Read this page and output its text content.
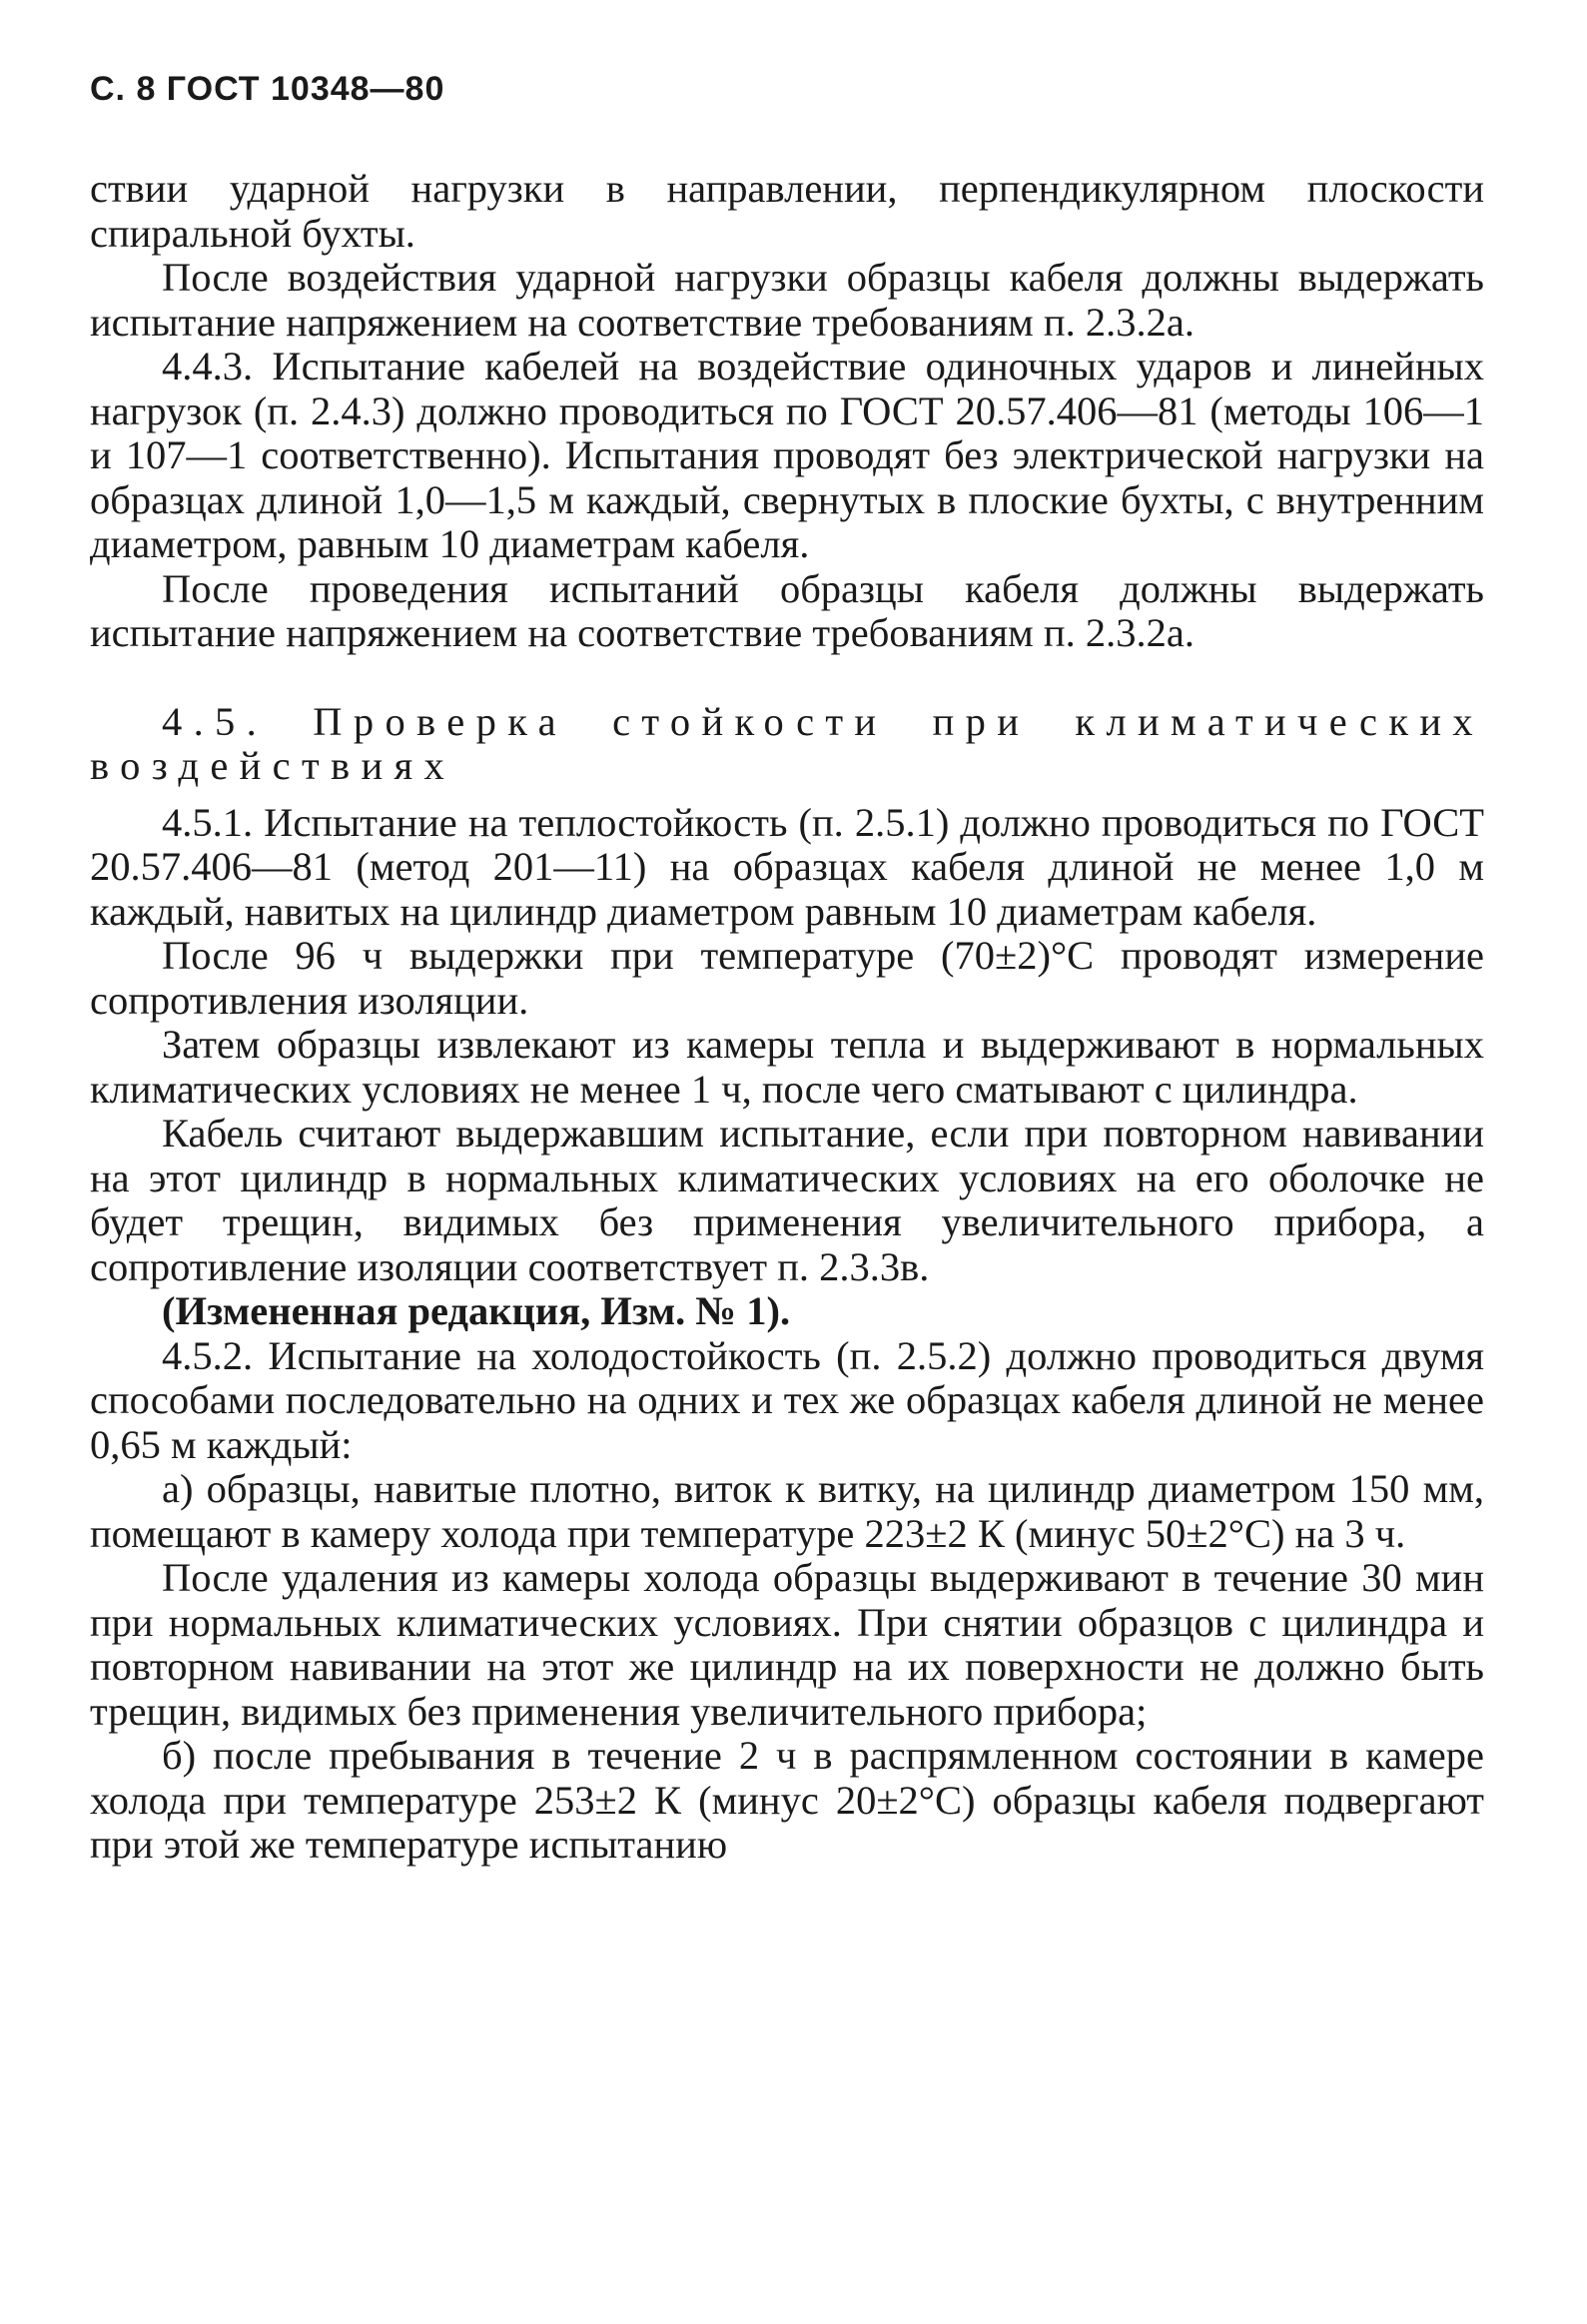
С. 8 ГОСТ 10348—80

ствии ударной нагрузки в направлении, перпендикулярном плоскости спиральной бухты.

После воздействия ударной нагрузки образцы кабеля должны выдержать испытание напряжением на соответствие требованиям п. 2.3.2а.

4.4.3. Испытание кабелей на воздействие одиночных ударов и линейных нагрузок (п. 2.4.3) должно проводиться по ГОСТ 20.57.406—81 (методы 106—1 и 107—1 соответственно). Испытания проводят без электрической нагрузки на образцах длиной 1,0—1,5 м каждый, свернутых в плоские бухты, с внутренним диаметром, равным 10 диаметрам кабеля.

После проведения испытаний образцы кабеля должны выдержать испытание напряжением на соответствие требованиям п. 2.3.2а.

4.5. Проверка стойкости при климатических воздействиях

4.5.1. Испытание на теплостойкость (п. 2.5.1) должно проводиться по ГОСТ 20.57.406—81 (метод 201—11) на образцах кабеля длиной не менее 1,0 м каждый, навитых на цилиндр диаметром равным 10 диаметрам кабеля.

После 96 ч выдержки при температуре (70±2)°С проводят измерение сопротивления изоляции.

Затем образцы извлекают из камеры тепла и выдерживают в нормальных климатических условиях не менее 1 ч, после чего сматывают с цилиндра.

Кабель считают выдержавшим испытание, если при повторном навивании на этот цилиндр в нормальных климатических условиях на его оболочке не будет трещин, видимых без применения увеличительного прибора, а сопротивление изоляции соответствует п. 2.3.3в.

(Измененная редакция, Изм. № 1).

4.5.2. Испытание на холодостойкость (п. 2.5.2) должно проводиться двумя способами последовательно на одних и тех же образцах кабеля длиной не менее 0,65 м каждый:

а) образцы, навитые плотно, виток к витку, на цилиндр диаметром 150 мм, помещают в камеру холода при температуре 223±2 К (минус 50±2°С) на 3 ч.

После удаления из камеры холода образцы выдерживают в течение 30 мин при нормальных климатических условиях. При снятии образцов с цилиндра и повторном навивании на этот же цилиндр на их поверхности не должно быть трещин, видимых без применения увеличительного прибора;

б) после пребывания в течение 2 ч в распрямленном состоянии в камере холода при температуре 253±2 К (минус 20±2°С) образцы кабеля подвергают при этой же температуре испытанию
